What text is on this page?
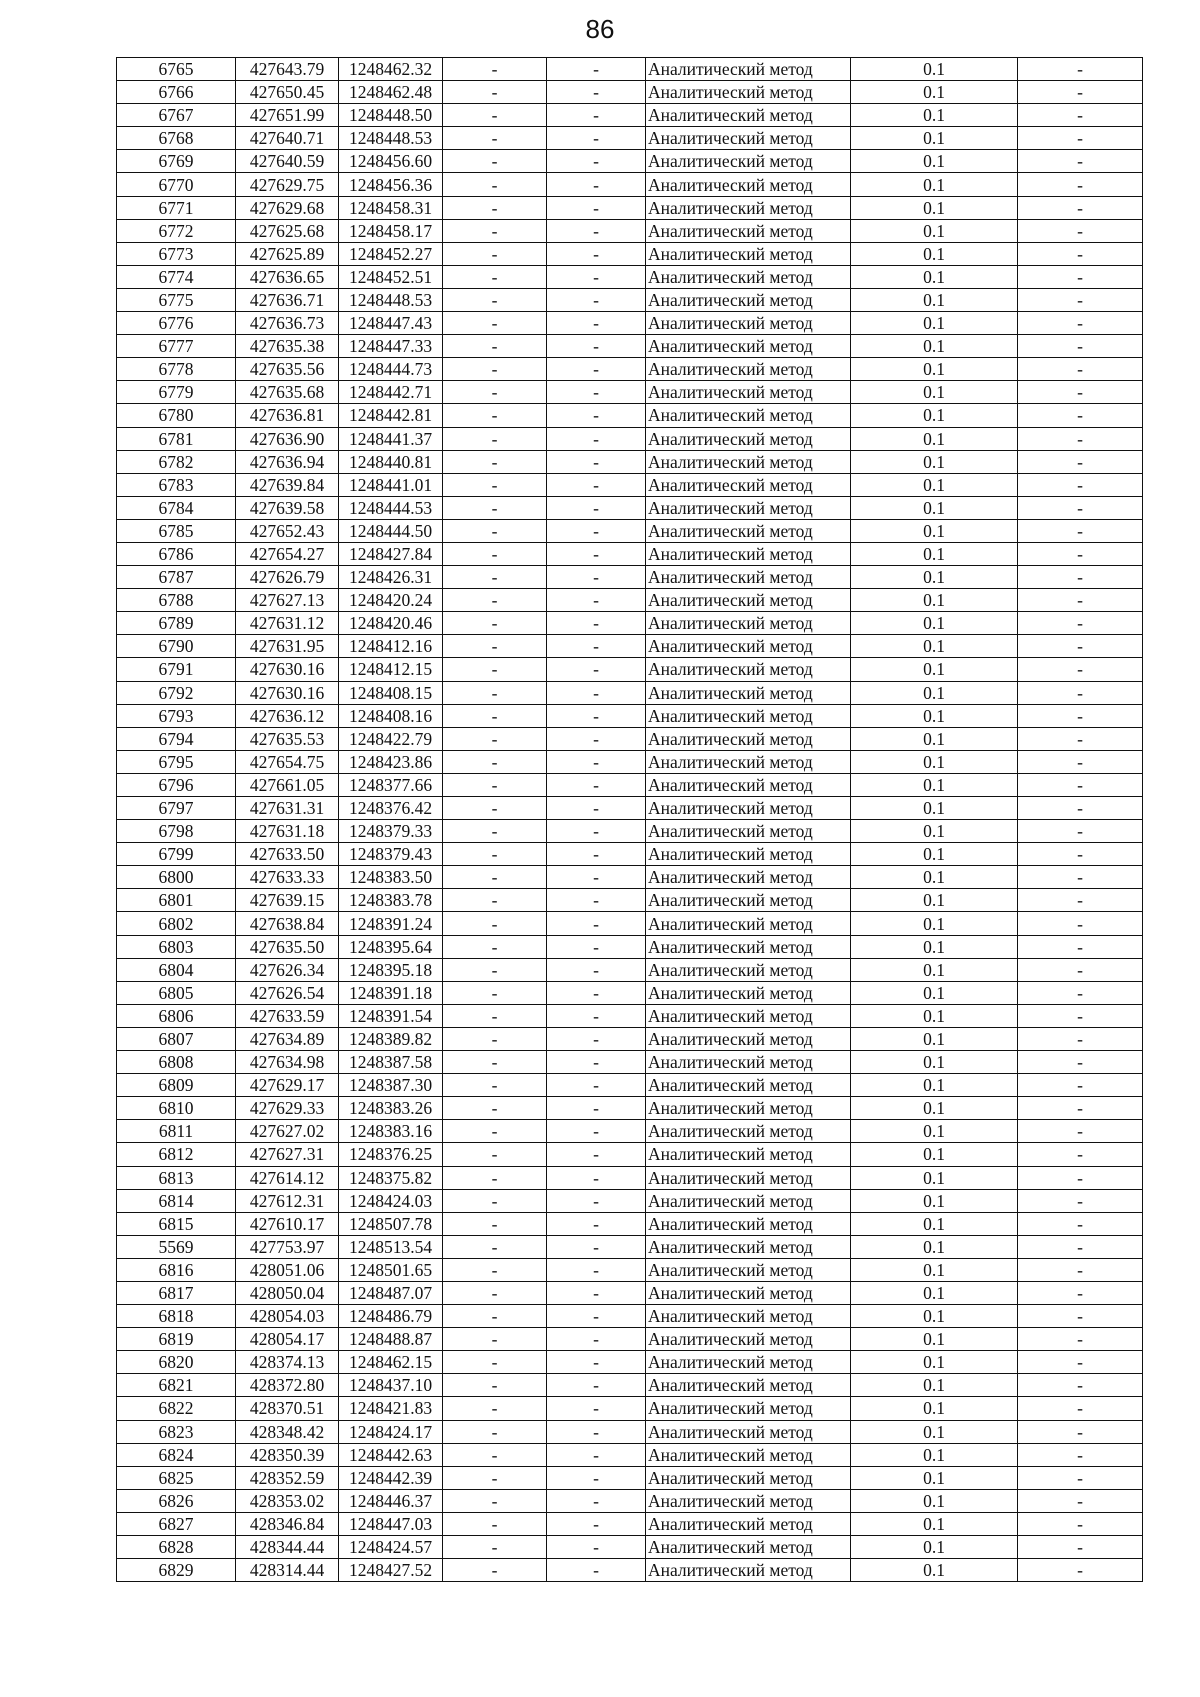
86
6765	427643.79	1248462.32	-	-	Аналитический метод	0.1	-
6766	427650.45	1248462.48	-	-	Аналитический метод	0.1	-
6767	427651.99	1248448.50	-	-	Аналитический метод	0.1	-
6768	427640.71	1248448.53	-	-	Аналитический метод	0.1	-
6769	427640.59	1248456.60	-	-	Аналитический метод	0.1	-
6770	427629.75	1248456.36	-	-	Аналитический метод	0.1	-
6771	427629.68	1248458.31	-	-	Аналитический метод	0.1	-
6772	427625.68	1248458.17	-	-	Аналитический метод	0.1	-
6773	427625.89	1248452.27	-	-	Аналитический метод	0.1	-
6774	427636.65	1248452.51	-	-	Аналитический метод	0.1	-
6775	427636.71	1248448.53	-	-	Аналитический метод	0.1	-
6776	427636.73	1248447.43	-	-	Аналитический метод	0.1	-
6777	427635.38	1248447.33	-	-	Аналитический метод	0.1	-
6778	427635.56	1248444.73	-	-	Аналитический метод	0.1	-
6779	427635.68	1248442.71	-	-	Аналитический метод	0.1	-
6780	427636.81	1248442.81	-	-	Аналитический метод	0.1	-
6781	427636.90	1248441.37	-	-	Аналитический метод	0.1	-
6782	427636.94	1248440.81	-	-	Аналитический метод	0.1	-
6783	427639.84	1248441.01	-	-	Аналитический метод	0.1	-
6784	427639.58	1248444.53	-	-	Аналитический метод	0.1	-
6785	427652.43	1248444.50	-	-	Аналитический метод	0.1	-
6786	427654.27	1248427.84	-	-	Аналитический метод	0.1	-
6787	427626.79	1248426.31	-	-	Аналитический метод	0.1	-
6788	427627.13	1248420.24	-	-	Аналитический метод	0.1	-
6789	427631.12	1248420.46	-	-	Аналитический метод	0.1	-
6790	427631.95	1248412.16	-	-	Аналитический метод	0.1	-
6791	427630.16	1248412.15	-	-	Аналитический метод	0.1	-
6792	427630.16	1248408.15	-	-	Аналитический метод	0.1	-
6793	427636.12	1248408.16	-	-	Аналитический метод	0.1	-
6794	427635.53	1248422.79	-	-	Аналитический метод	0.1	-
6795	427654.75	1248423.86	-	-	Аналитический метод	0.1	-
6796	427661.05	1248377.66	-	-	Аналитический метод	0.1	-
6797	427631.31	1248376.42	-	-	Аналитический метод	0.1	-
6798	427631.18	1248379.33	-	-	Аналитический метод	0.1	-
6799	427633.50	1248379.43	-	-	Аналитический метод	0.1	-
6800	427633.33	1248383.50	-	-	Аналитический метод	0.1	-
6801	427639.15	1248383.78	-	-	Аналитический метод	0.1	-
6802	427638.84	1248391.24	-	-	Аналитический метод	0.1	-
6803	427635.50	1248395.64	-	-	Аналитический метод	0.1	-
6804	427626.34	1248395.18	-	-	Аналитический метод	0.1	-
6805	427626.54	1248391.18	-	-	Аналитический метод	0.1	-
6806	427633.59	1248391.54	-	-	Аналитический метод	0.1	-
6807	427634.89	1248389.82	-	-	Аналитический метод	0.1	-
6808	427634.98	1248387.58	-	-	Аналитический метод	0.1	-
6809	427629.17	1248387.30	-	-	Аналитический метод	0.1	-
6810	427629.33	1248383.26	-	-	Аналитический метод	0.1	-
6811	427627.02	1248383.16	-	-	Аналитический метод	0.1	-
6812	427627.31	1248376.25	-	-	Аналитический метод	0.1	-
6813	427614.12	1248375.82	-	-	Аналитический метод	0.1	-
6814	427612.31	1248424.03	-	-	Аналитический метод	0.1	-
6815	427610.17	1248507.78	-	-	Аналитический метод	0.1	-
5569	427753.97	1248513.54	-	-	Аналитический метод	0.1	-
6816	428051.06	1248501.65	-	-	Аналитический метод	0.1	-
6817	428050.04	1248487.07	-	-	Аналитический метод	0.1	-
6818	428054.03	1248486.79	-	-	Аналитический метод	0.1	-
6819	428054.17	1248488.87	-	-	Аналитический метод	0.1	-
6820	428374.13	1248462.15	-	-	Аналитический метод	0.1	-
6821	428372.80	1248437.10	-	-	Аналитический метод	0.1	-
6822	428370.51	1248421.83	-	-	Аналитический метод	0.1	-
6823	428348.42	1248424.17	-	-	Аналитический метод	0.1	-
6824	428350.39	1248442.63	-	-	Аналитический метод	0.1	-
6825	428352.59	1248442.39	-	-	Аналитический метод	0.1	-
6826	428353.02	1248446.37	-	-	Аналитический метод	0.1	-
6827	428346.84	1248447.03	-	-	Аналитический метод	0.1	-
6828	428344.44	1248424.57	-	-	Аналитический метод	0.1	-
6829	428314.44	1248427.52	-	-	Аналитический метод	0.1	-
